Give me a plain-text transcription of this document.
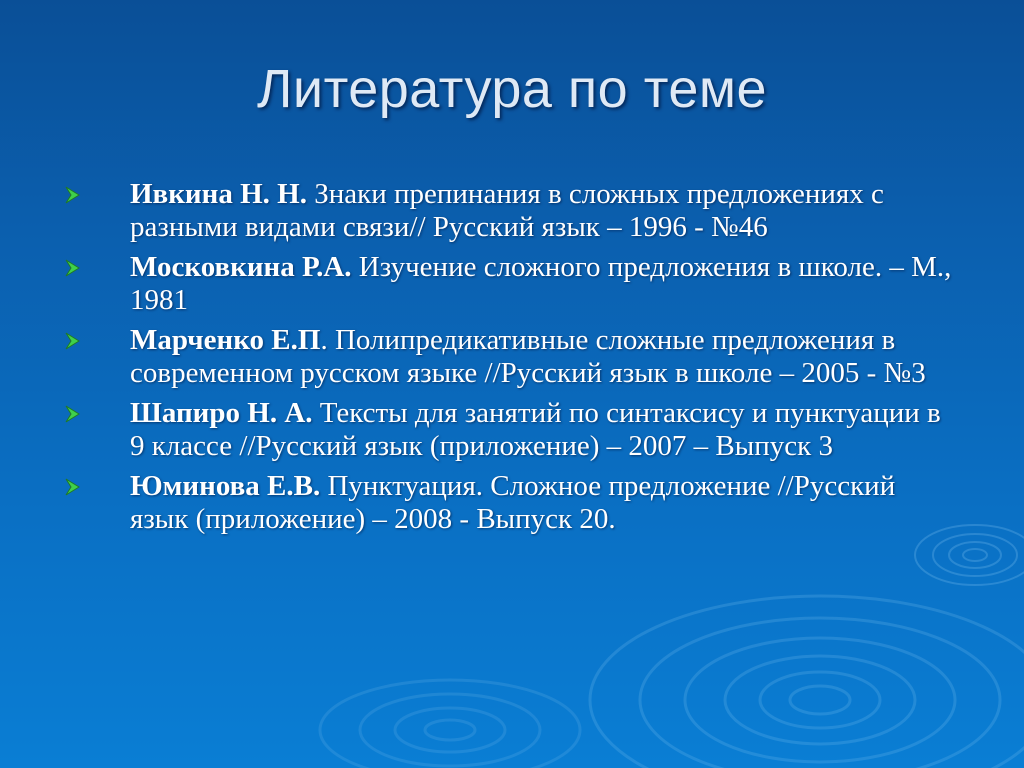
Литература по теме
Ивкина Н. Н. Знаки препинания в сложных предложениях с разными видами связи// Русский язык – 1996 - №46
Московкина Р.А. Изучение сложного предложения в школе. – М., 1981
Марченко Е.П. Полипредикативные сложные предложения в современном русском языке //Русский язык в школе – 2005 - №3
Шапиро Н. А. Тексты для занятий по синтаксису и пунктуации в 9 классе //Русский язык (приложение) – 2007 – Выпуск 3
Юминова Е.В. Пунктуация. Сложное предложение //Русский язык (приложение) – 2008 - Выпуск 20.
